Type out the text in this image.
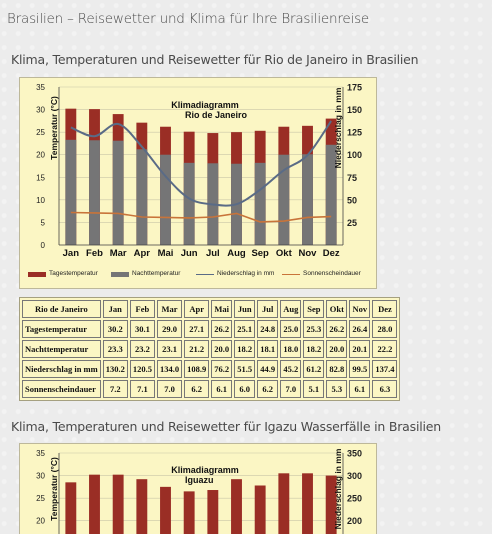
Brasilien – Reisewetter und Klima für Ihre Brasilienreise
Klima, Temperaturen und Reisewetter für Rio de Janeiro in Brasilien
0
5
10
15
20
25
30
35
25
50
75
100
125
150
175
Jan Feb Mar Apr Mai Jun Jul Aug Sep Okt Nov Dez
Klimadiagramm
Rio de Janeiro
Temperatur (°C)	Niederschlag in mm
Tagestemperatur	Nachttemperatur	Niederschlag in mm	Sonnenscheindauer
Rio de Janeiro	Jan	Feb	Mar	Apr	Mai	Jun	Jul	Aug	Sep	Okt	Nov	Dez
Tagestemperatur	30.2	30.1	29.0	27.1	26.2	25.1	24.8	25.0	25.3	26.2	26.4	28.0
Nachttemperatur	23.3	23.2	23.1	21.2	20.0	18.2	18.1	18.0	18.2	20.0	20.1	22.2
Niederschlag in mm	130.2	120.5	134.0	108.9	76.2	51.5	44.9	45.2	61.2	82.8	99.5	137.4
Sonnenscheindauer	7.2	7.1	7.0	6.2	6.1	6.0	6.2	7.0	5.1	5.3	6.1	6.3
Klima, Temperaturen und Reisewetter für Igazu Wasserfälle in Brasilien
20
25
30
35
200
250
300
350
Klimadiagramm
Iguazu
Temperatur (°C)	Niederschlag in mm
